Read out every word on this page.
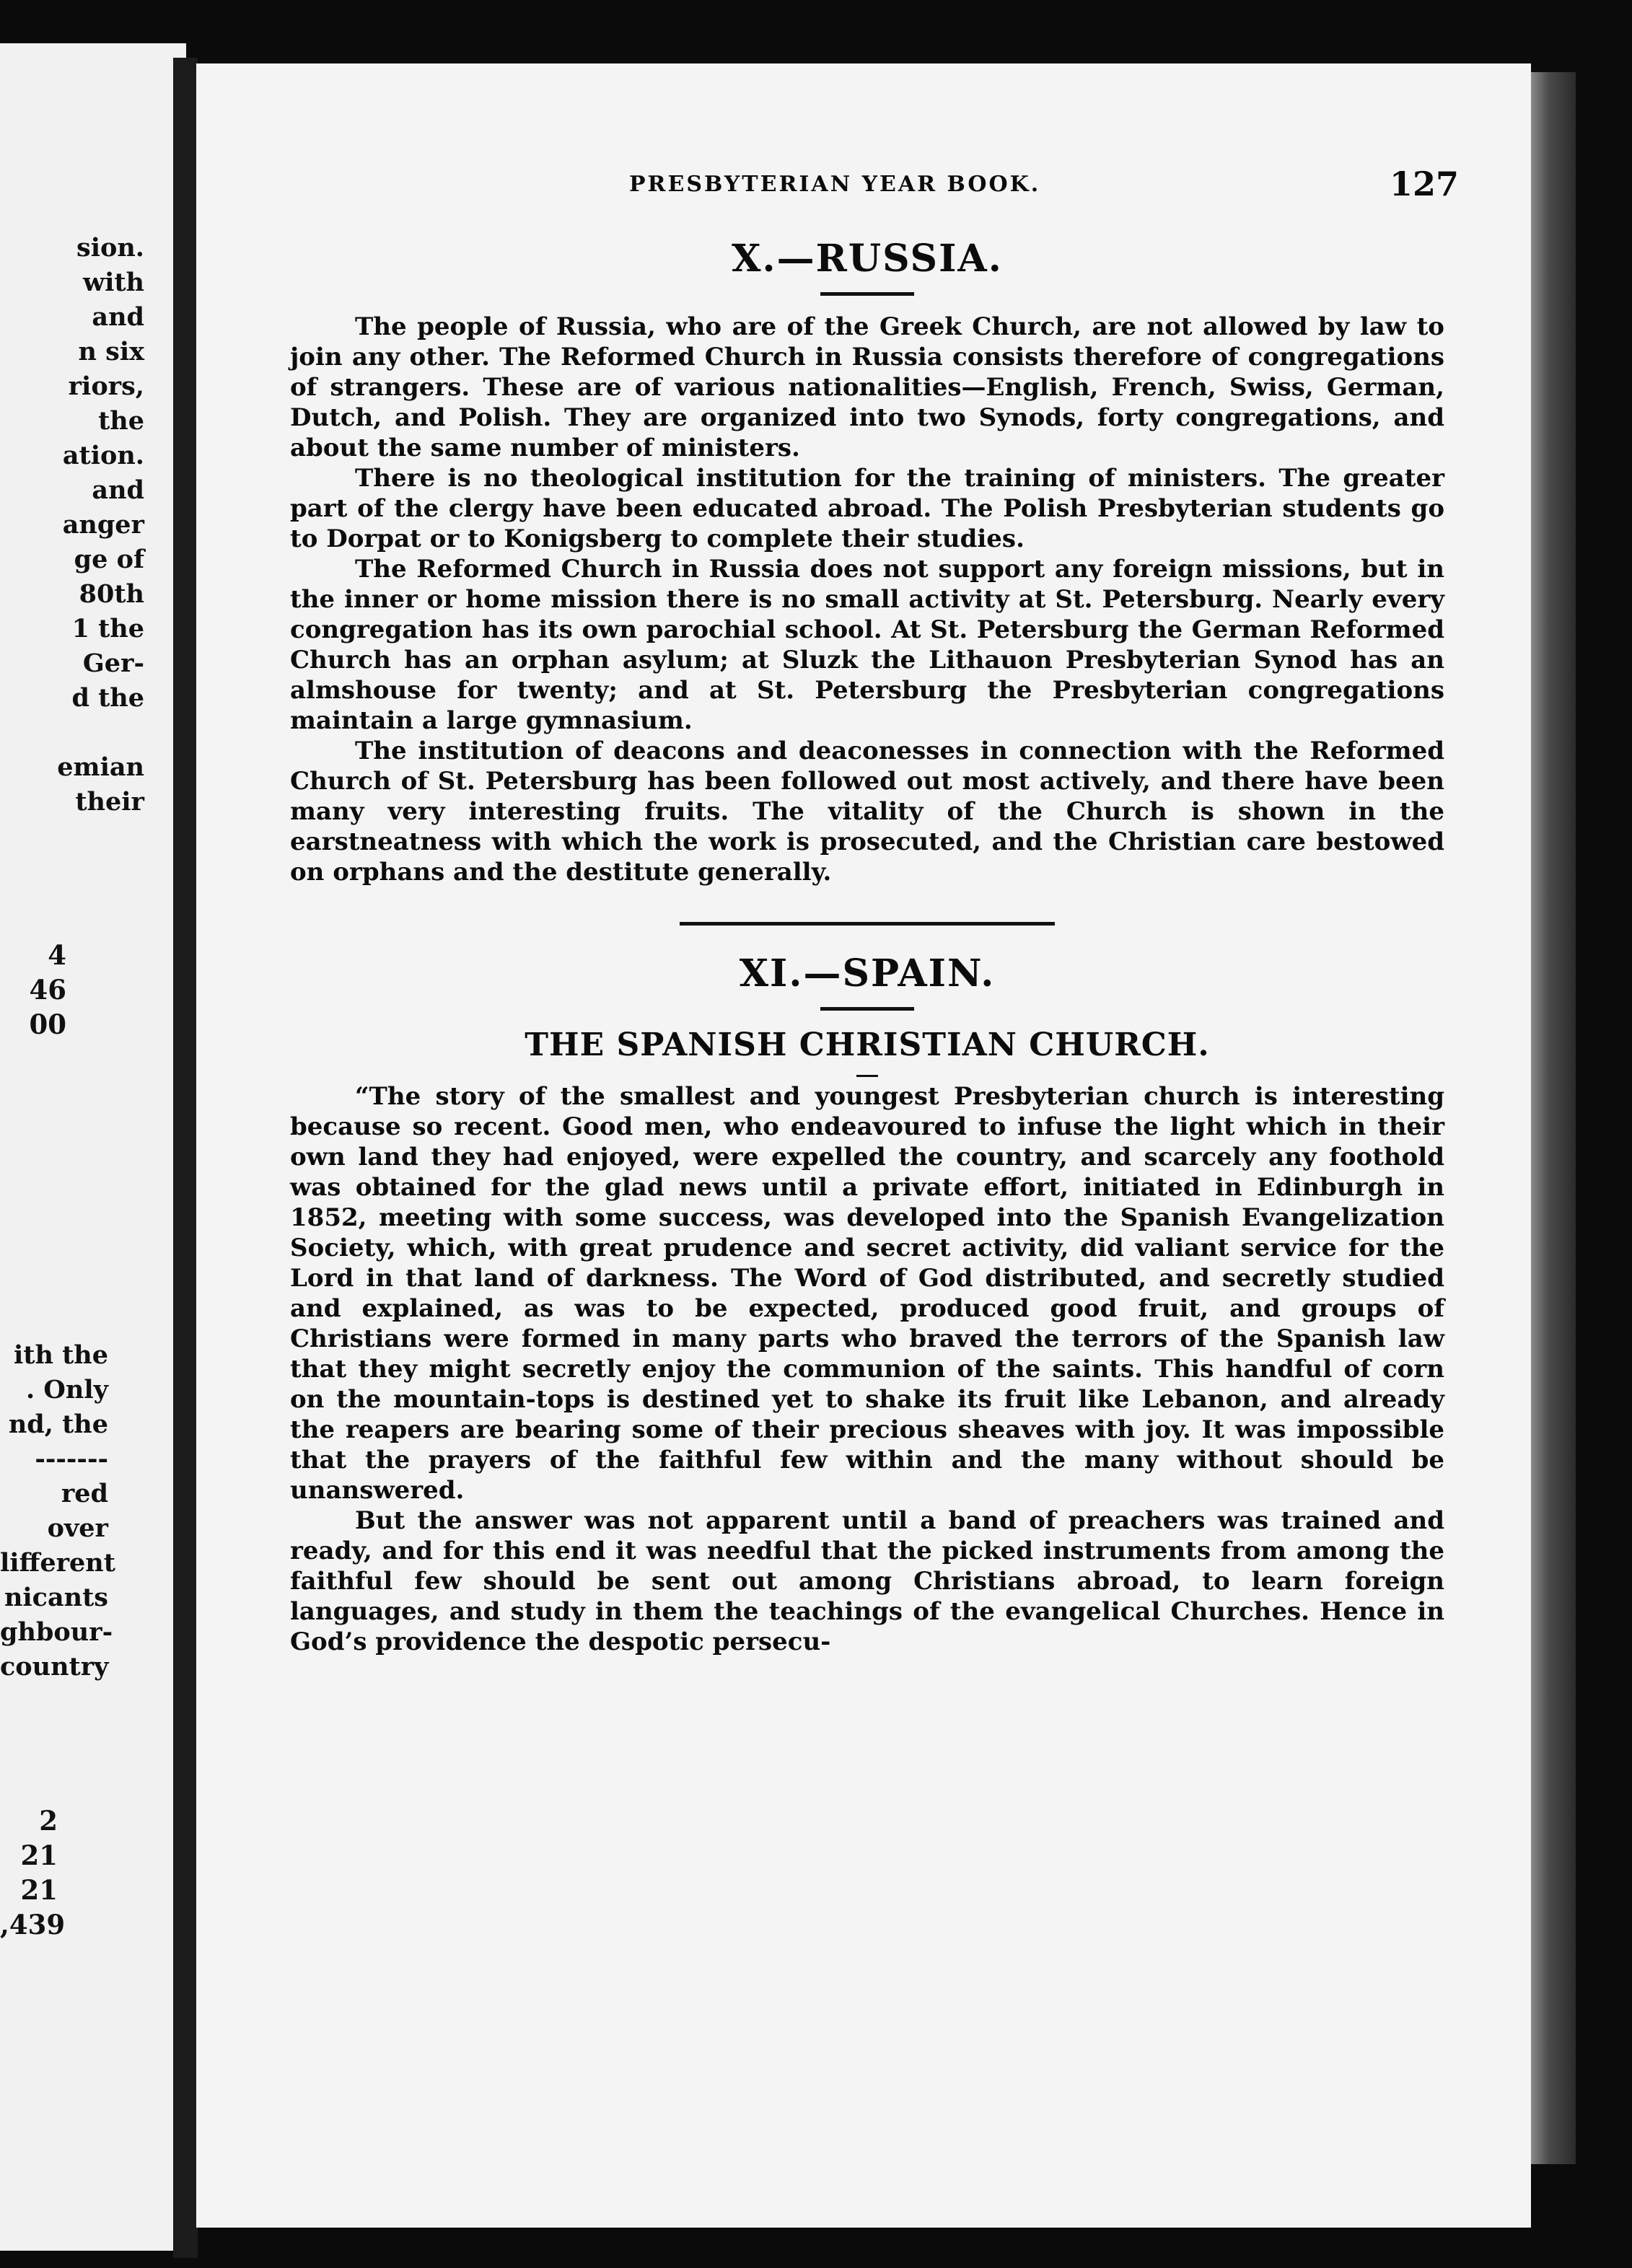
sion.
with
and
n six
riors,
the
ation.
and
anger
ge of
80th
1 the
Ger-
d the

emian
their
4
46
00
ith the
. Only
nd, the
-------
red over
lifferent
nicants
ghbour-
country
2
21
21
,439
PRESBYTERIAN YEAR BOOK.	127
X.—RUSSIA.

The people of Russia, who are of the Greek Church, are not allowed by law to join any other. The Reformed Church in Russia consists therefore of congregations of strangers. These are of various nationalities—English, French, Swiss, German, Dutch, and Polish. They are organized into two Synods, forty congregations, and about the same number of ministers.

There is no theological institution for the training of ministers. The greater part of the clergy have been educated abroad. The Polish Presbyterian students go to Dorpat or to Konigsberg to complete their studies.

The Reformed Church in Russia does not support any foreign missions, but in the inner or home mission there is no small activity at St. Petersburg. Nearly every congregation has its own parochial school. At St. Petersburg the German Reformed Church has an orphan asylum; at Sluzk the Lithauon Presbyterian Synod has an almshouse for twenty; and at St. Petersburg the Presbyterian congregations maintain a large gymnasium.

The institution of deacons and deaconesses in connection with the Reformed Church of St. Petersburg has been followed out most actively, and there have been many very interesting fruits. The vitality of the Church is shown in the earstneatness with which the work is prosecuted, and the Christian care bestowed on orphans and the destitute generally.

XI.—SPAIN.
THE SPANISH CHRISTIAN CHURCH.

“The story of the smallest and youngest Presbyterian church is interesting because so recent. Good men, who endeavoured to infuse the light which in their own land they had enjoyed, were expelled the country, and scarcely any foothold was obtained for the glad news until a private effort, initiated in Edinburgh in 1852, meeting with some success, was developed into the Spanish Evangelization Society, which, with great prudence and secret activity, did valiant service for the Lord in that land of darkness. The Word of God distributed, and secretly studied and explained, as was to be expected, produced good fruit, and groups of Christians were formed in many parts who braved the terrors of the Spanish law that they might secretly enjoy the communion of the saints. This handful of corn on the mountain-tops is destined yet to shake its fruit like Lebanon, and already the reapers are bearing some of their precious sheaves with joy. It was impossible that the prayers of the faithful few within and the many without should be unanswered.

But the answer was not apparent until a band of preachers was trained and ready, and for this end it was needful that the picked instruments from among the faithful few should be sent out among Christians abroad, to learn foreign languages, and study in them the teachings of the evangelical Churches. Hence in God’s providence the despotic persecu-
